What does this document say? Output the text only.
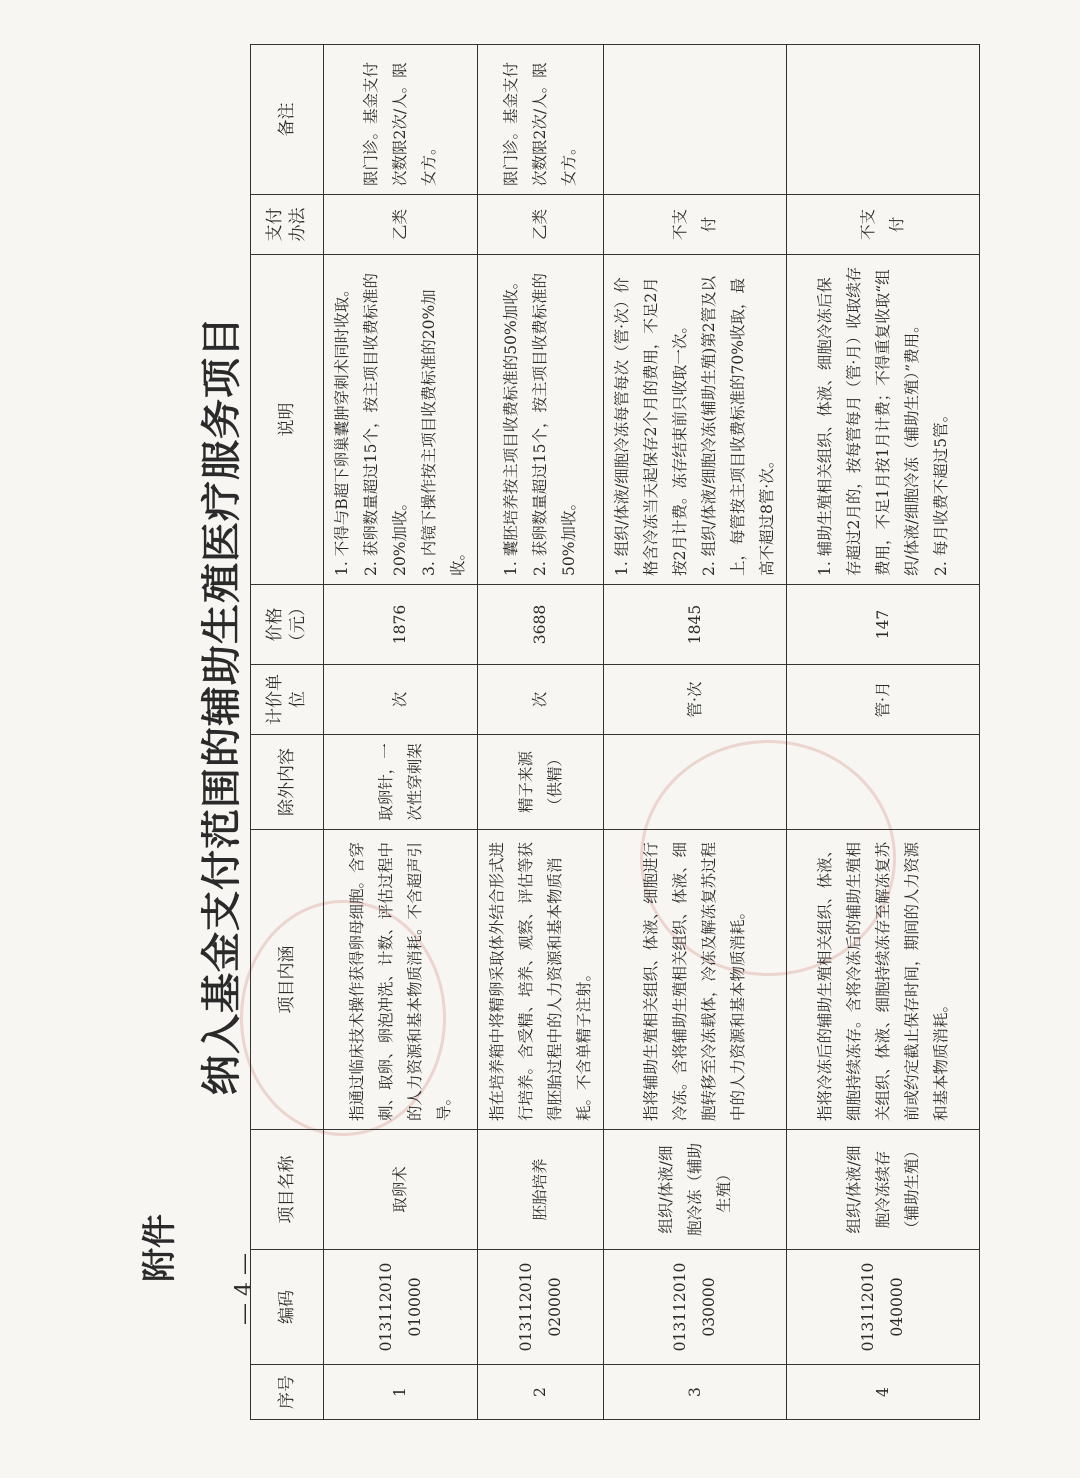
附件
纳入基金支付范围的辅助生殖医疗服务项目
— 4 —
序号	编码	项目名称	项目内涵	除外内容	计价单位	价格（元）	说明	支付办法	备注
1	013112010010000	取卵术	指通过临床技术操作获得卵母细胞。含穿刺、取卵、卵泡冲洗、计数、评估过程中的人力资源和基本物质消耗。不含超声引导。	取卵针，一次性穿刺架	次	1876	1. 不得与B超下卵巢囊肿穿刺术同时收取。
2. 获卵数量超过15个，按主项目收费标准的20%加收。
3. 内镜下操作按主项目收费标准的20%加收。	乙类	限门诊。基金支付次数限2次/人。限女方。
2	013112010020000	胚胎培养	指在培养箱中将精卵采取体外结合形式进行培养。含受精、培养、观察、评估等获得胚胎过程中的人力资源和基本物质消耗。不含单精子注射。	精子来源（供精）	次	3688	1. 囊胚培养按主项目收费标准的50%加收。
2. 获卵数量超过15个，按主项目收费标准的50%加收。	乙类	限门诊。基金支付次数限2次/人。限女方。
3	013112010030000	组织/体液/细胞冷冻（辅助生殖）	指将辅助生殖相关组织、体液、细胞进行冷冻。含将辅助生殖相关组织、体液、细胞转移至冷冻载体，冷冻及解冻复苏过程中的人力资源和基本物质消耗。		管·次	1845	1. 组织/体液/细胞冷冻每管每次（管·次）价格含冷冻当天起保存2个月的费用，不足2月按2月计费。冻存结束前只收取一次。
2. 组织/体液/细胞冷冻(辅助生殖)第2管及以上，每管按主项目收费标准的70%收取，最高不超过8管·次。	不支付	
4	013112010040000	组织/体液/细胞冷冻续存（辅助生殖）	指将冷冻后的辅助生殖相关组织、体液、细胞持续冻存。含将冷冻后的辅助生殖相关组织、体液、细胞持续冻存至解冻复苏前或约定截止保存时间，期间的人力资源和基本物质消耗。		管·月	147	1. 辅助生殖相关组织、体液、细胞冷冻后保存超过2月的，按每管每月（管·月）收取续存费用，不足1月按1月计费；不得重复收取“组织/体液/细胞冷冻（辅助生殖）”费用。
2. 每月收费不超过5管。	不支付	
